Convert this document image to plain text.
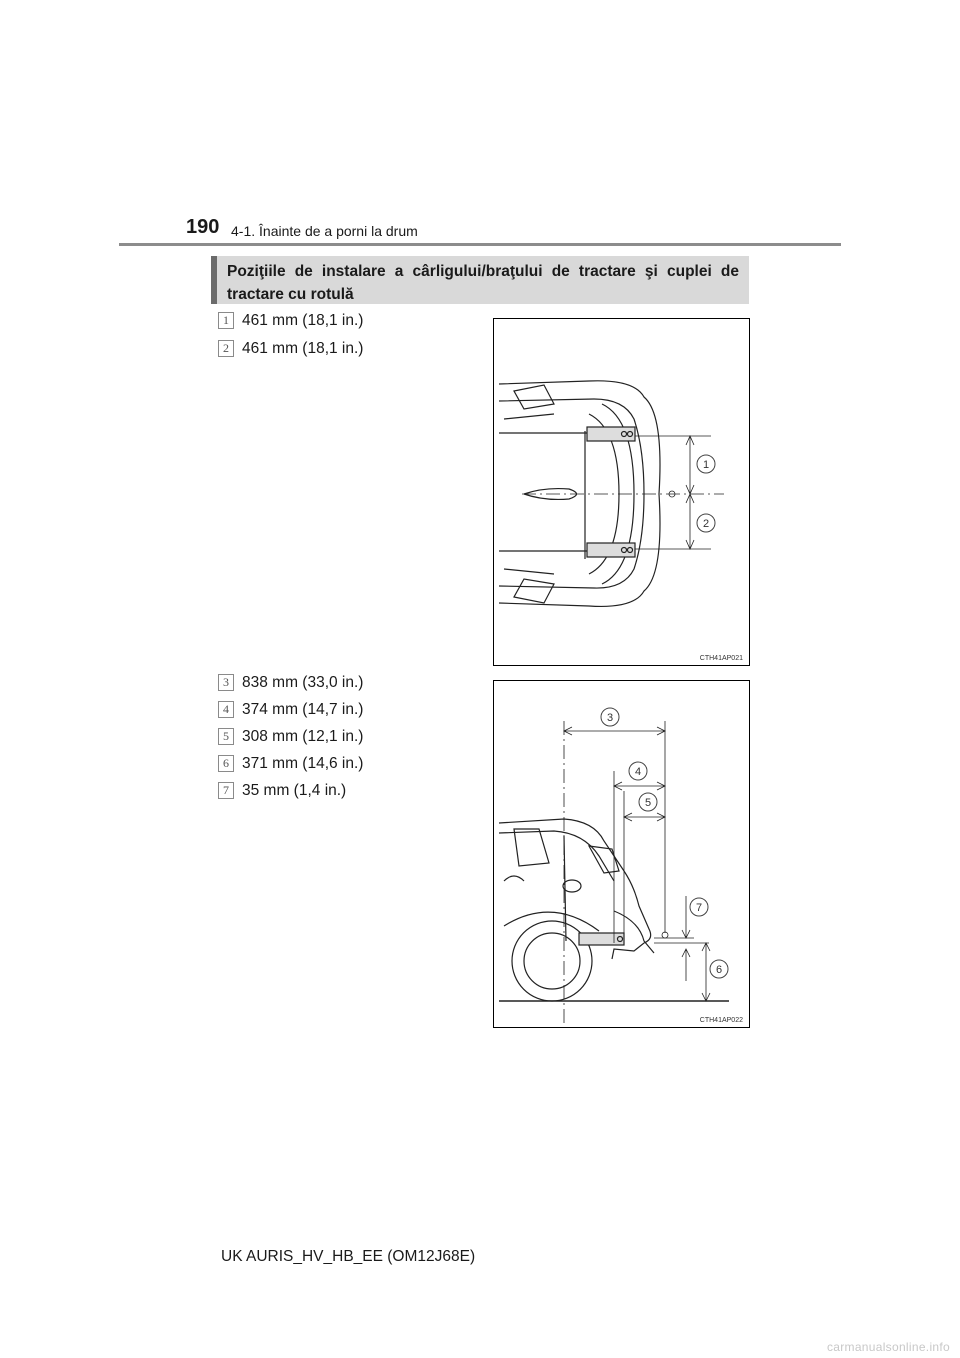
190 4-1. Înainte de a porni la drum
Poziţiile de instalare a cârligului/braţului de tractare şi cuplei de tractare cu rotulă
1 461 mm (18,1 in.)
2 461 mm (18,1 in.)
1
2
CTH41AP021
3 838 mm (33,0 in.)
4 374 mm (14,7 in.)
5 308 mm (12,1 in.)
6 371 mm (14,6 in.)
7 35 mm (1,4 in.)
3
4
5
6
7
CTH41AP022
UK AURIS_HV_HB_EE (OM12J68E)
carmanualsonline.info
